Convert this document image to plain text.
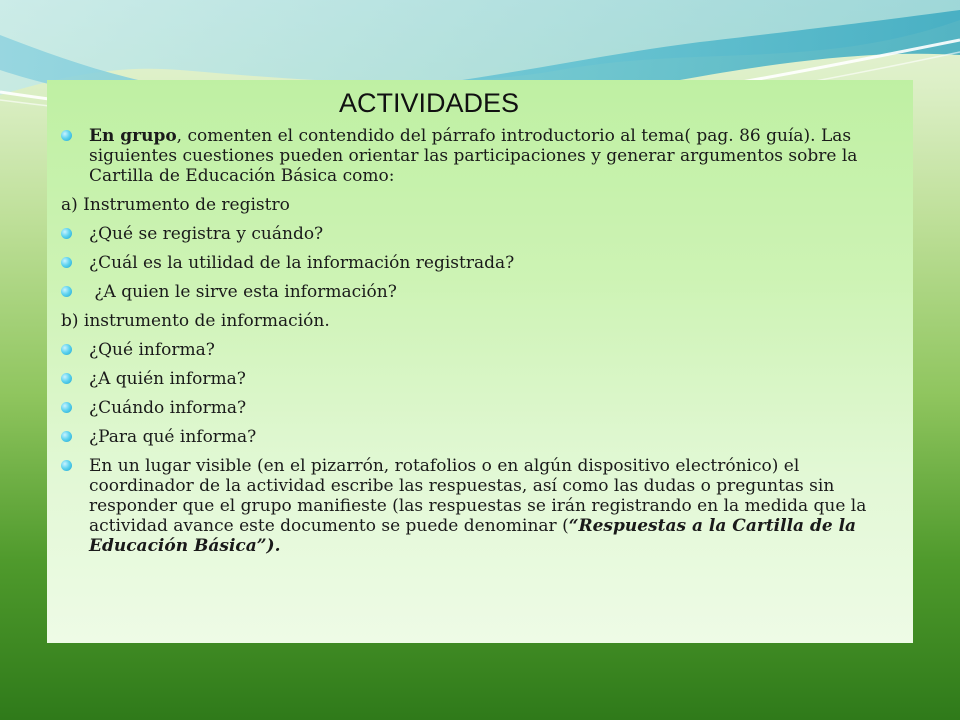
ACTIVIDADES
En grupo, comenten el contendido del párrafo introductorio al tema( pag. 86 guía). Las siguientes cuestiones pueden orientar las participaciones y generar argumentos sobre la Cartilla de Educación Básica como:
a) Instrumento de registro
¿Qué se registra y cuándo?
¿Cuál es la utilidad de la información registrada?
¿A quien le sirve esta información?
b) instrumento de información.
¿Qué informa?
¿A quién informa?
¿Cuándo informa?
¿Para qué informa?
En un lugar visible (en el pizarrón, rotafolios o en algún dispositivo electrónico) el coordinador de la actividad escribe las respuestas, así como las dudas o preguntas sin responder que el grupo manifieste (las respuestas se irán registrando en la medida que la actividad avance este documento se puede denominar (“Respuestas a la Cartilla de la Educación Básica”).
